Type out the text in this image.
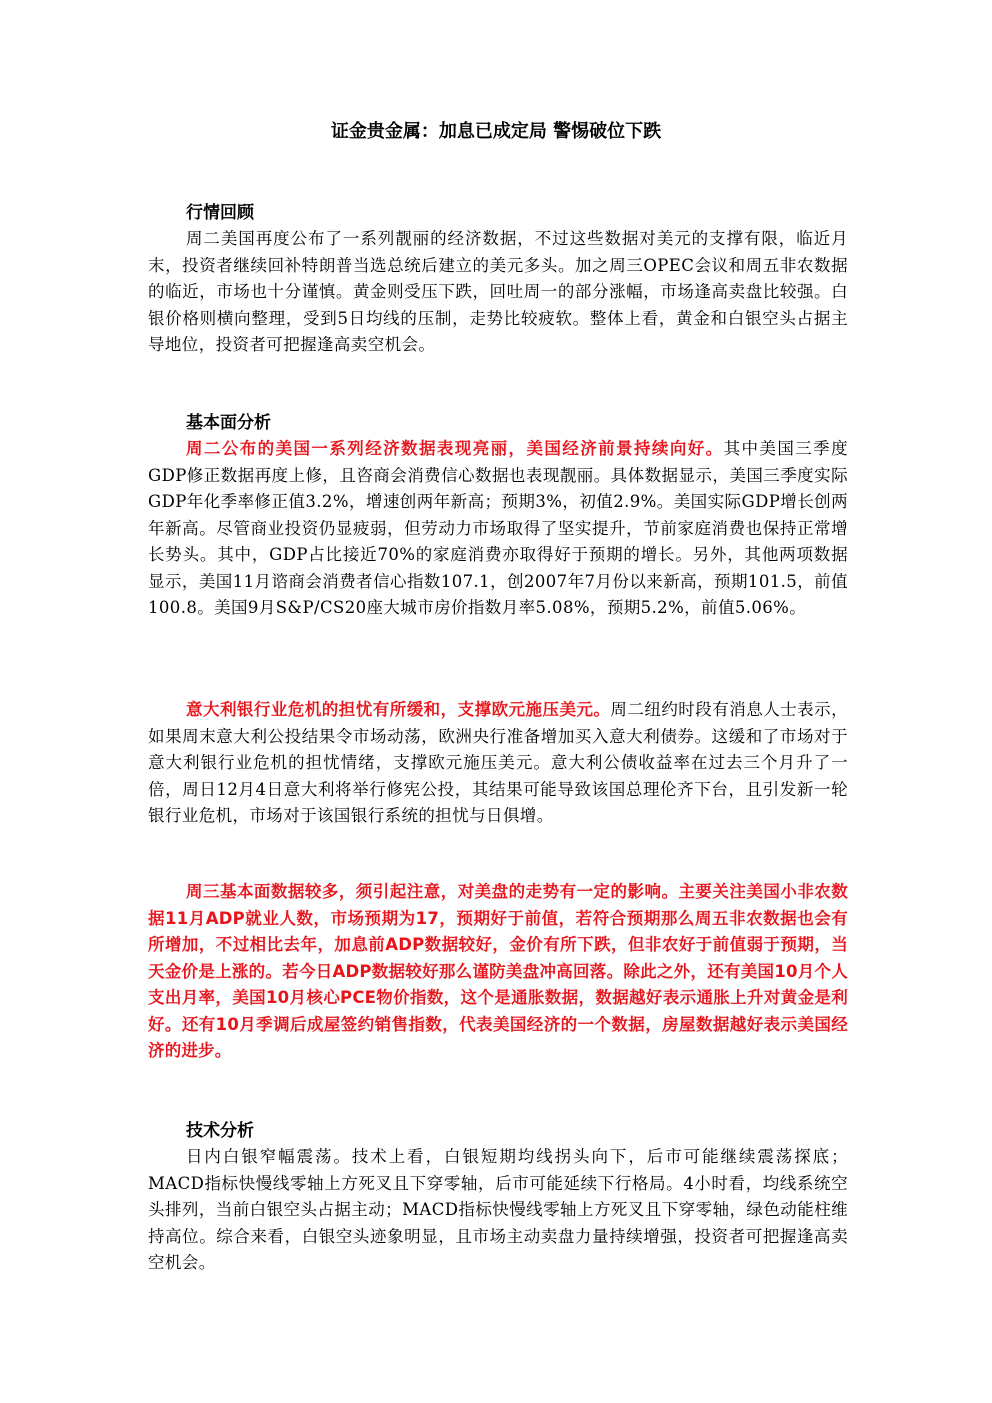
证金贵金属：加息已成定局 警惕破位下跌
行情回顾

周二美国再度公布了一系列靓丽的经济数据，不过这些数据对美元的支撑有限，临近月末，投资者继续回补特朗普当选总统后建立的美元多头。加之周三OPEC会议和周五非农数据的临近，市场也十分谨慎。黄金则受压下跌，回吐周一的部分涨幅，市场逢高卖盘比较强。白银价格则横向整理，受到5日均线的压制，走势比较疲软。整体上看，黄金和白银空头占据主导地位，投资者可把握逢高卖空机会。

基本面分析

周二公布的美国一系列经济数据表现亮丽，美国经济前景持续向好。其中美国三季度GDP修正数据再度上修，且咨商会消费信心数据也表现靓丽。具体数据显示，美国三季度实际GDP年化季率修正值3.2%，增速创两年新高；预期3%，初值2.9%。美国实际GDP增长创两年新高。尽管商业投资仍显疲弱，但劳动力市场取得了坚实提升，节前家庭消费也保持正常增长势头。其中，GDP占比接近70%的家庭消费亦取得好于预期的增长。另外，其他两项数据显示，美国11月谘商会消费者信心指数107.1，创2007年7月份以来新高，预期101.5，前值100.8。美国9月S&P/CS20座大城市房价指数月率5.08%，预期5.2%，前值5.06%。

意大利银行业危机的担忧有所缓和，支撑欧元施压美元。周二纽约时段有消息人士表示，如果周末意大利公投结果令市场动荡，欧洲央行准备增加买入意大利债券。这缓和了市场对于意大利银行业危机的担忧情绪，支撑欧元施压美元。意大利公债收益率在过去三个月升了一倍，周日12月4日意大利将举行修宪公投，其结果可能导致该国总理伦齐下台，且引发新一轮银行业危机，市场对于该国银行系统的担忧与日俱增。

周三基本面数据较多，须引起注意，对美盘的走势有一定的影响。主要关注美国小非农数据11月ADP就业人数，市场预期为17，预期好于前值，若符合预期那么周五非农数据也会有所增加，不过相比去年，加息前ADP数据较好，金价有所下跌，但非农好于前值弱于预期，当天金价是上涨的。若今日ADP数据较好那么谨防美盘冲高回落。除此之外，还有美国10月个人支出月率，美国10月核心PCE物价指数，这个是通胀数据，数据越好表示通胀上升对黄金是利好。还有10月季调后成屋签约销售指数，代表美国经济的一个数据，房屋数据越好表示美国经济的进步。

技术分析

日内白银窄幅震荡。技术上看，白银短期均线拐头向下，后市可能继续震荡探底；MACD指标快慢线零轴上方死叉且下穿零轴，后市可能延续下行格局。4小时看，均线系统空头排列，当前白银空头占据主动；MACD指标快慢线零轴上方死叉且下穿零轴，绿色动能柱维持高位。综合来看，白银空头迹象明显，且市场主动卖盘力量持续增强，投资者可把握逢高卖空机会。
